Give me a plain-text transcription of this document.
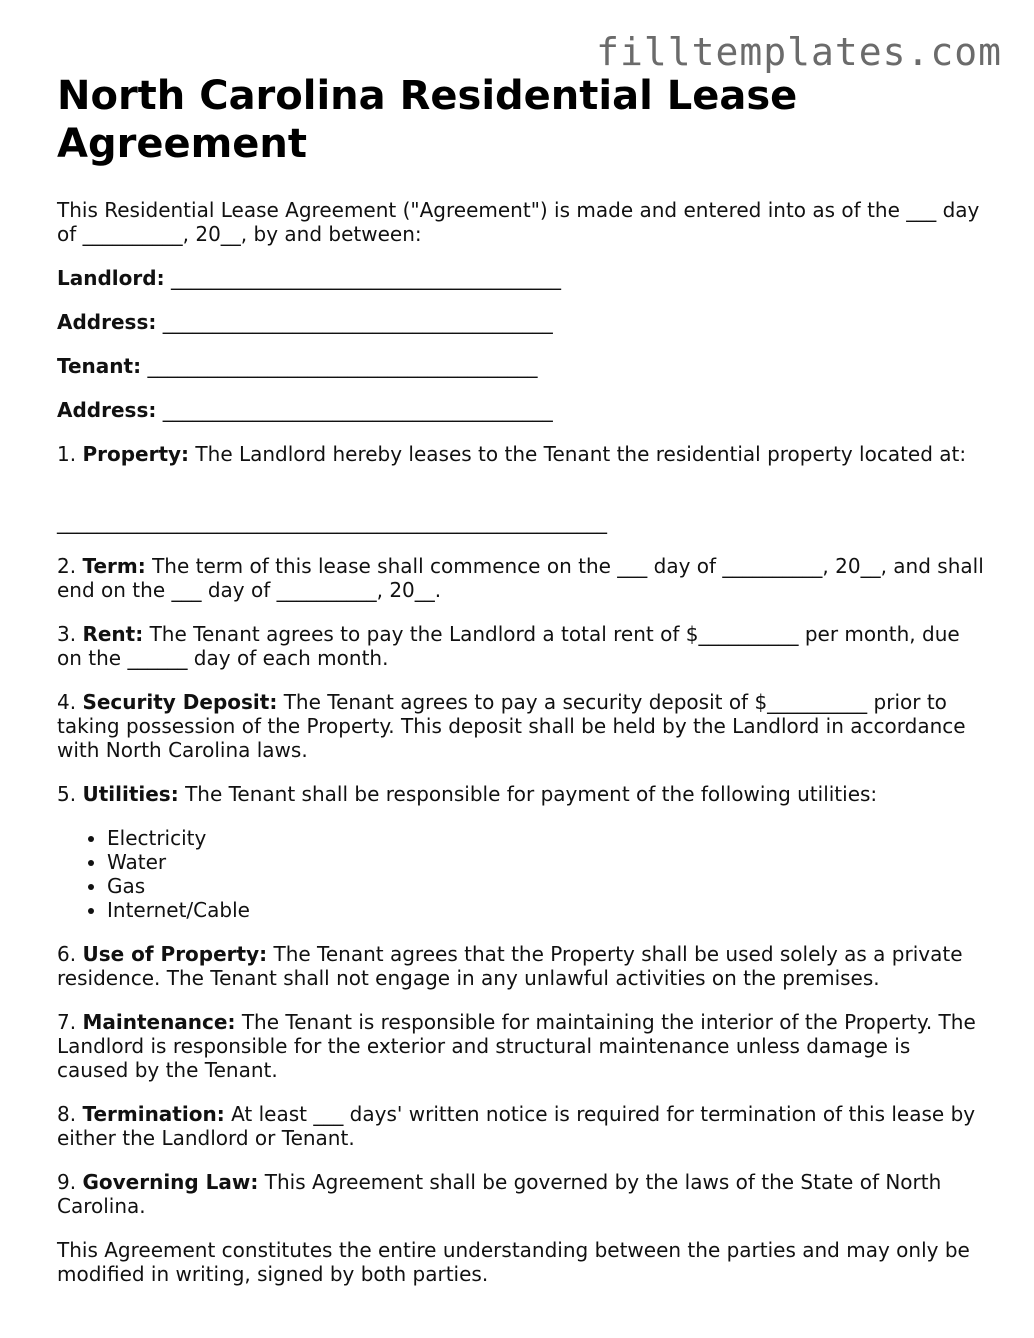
filltemplates.com
North Carolina Residential Lease Agreement

This Residential Lease Agreement ("Agreement") is made and entered into as of the ___ day of __________, 20__, by and between:

Landlord: _______________________________________

Address: _______________________________________

Tenant: _______________________________________

Address: _______________________________________

1. Property: The Landlord hereby leases to the Tenant the residential property located at:

_______________________________________________________

2. Term: The term of this lease shall commence on the ___ day of __________, 20__, and shall end on the ___ day of __________, 20__.

3. Rent: The Tenant agrees to pay the Landlord a total rent of $__________ per month, due on the ______ day of each month.

4. Security Deposit: The Tenant agrees to pay a security deposit of $__________ prior to taking possession of the Property. This deposit shall be held by the Landlord in accordance with North Carolina laws.

5. Utilities: The Tenant shall be responsible for payment of the following utilities:

• Electricity
• Water
• Gas
• Internet/Cable

6. Use of Property: The Tenant agrees that the Property shall be used solely as a private residence. The Tenant shall not engage in any unlawful activities on the premises.

7. Maintenance: The Tenant is responsible for maintaining the interior of the Property. The Landlord is responsible for the exterior and structural maintenance unless damage is caused by the Tenant.

8. Termination: At least ___ days' written notice is required for termination of this lease by either the Landlord or Tenant.

9. Governing Law: This Agreement shall be governed by the laws of the State of North Carolina.

This Agreement constitutes the entire understanding between the parties and may only be modified in writing, signed by both parties.
